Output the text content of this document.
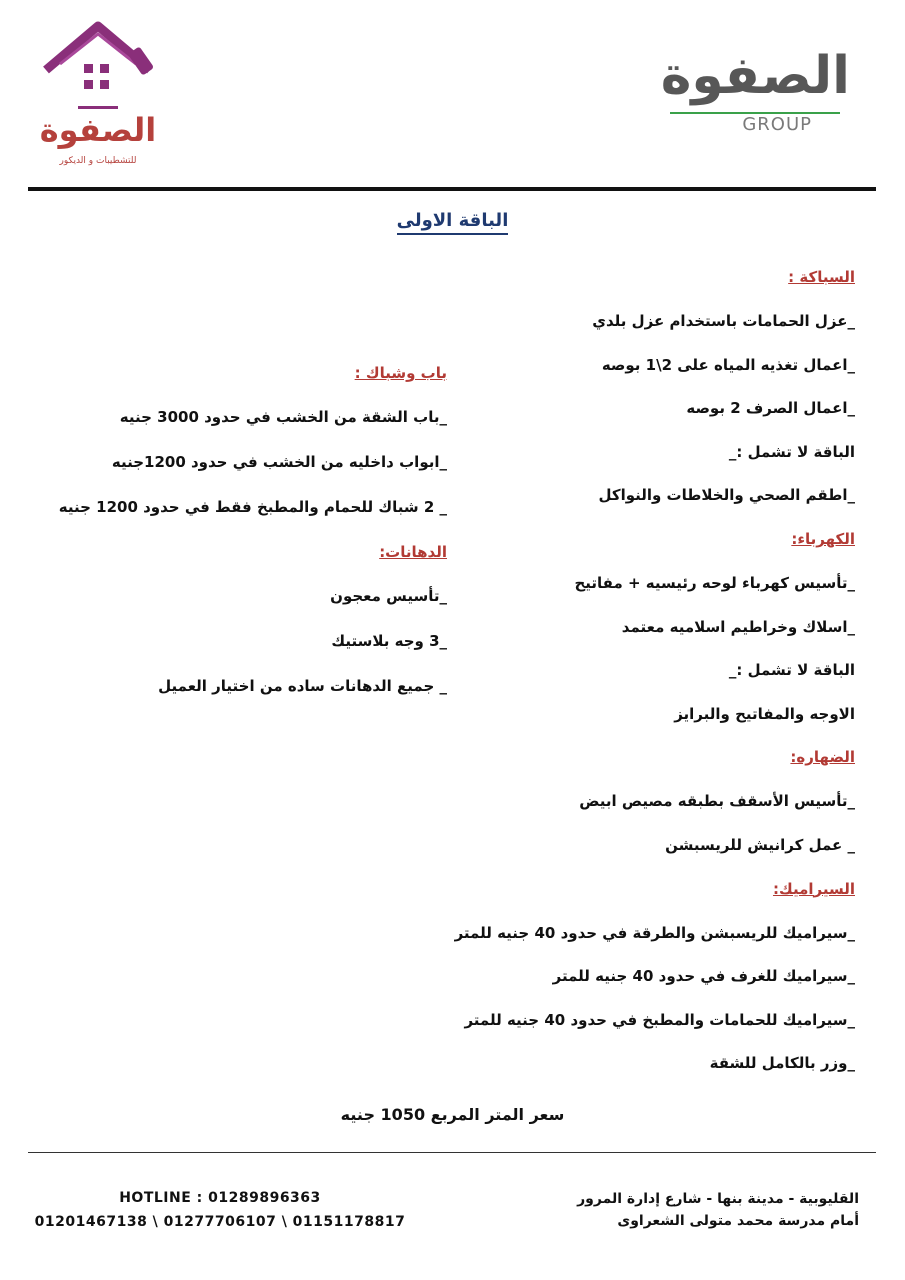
الصفوة
للتشطيبات و الديكور
الصفوة
GROUP
الباقة الاولى
السباكة :
_عزل الحمامات باستخدام عزل بلدي
_اعمال تغذيه المياه على 2\1 بوصه
_اعمال الصرف 2 بوصه
الباقة لا تشمل :_
_اطقم الصحي والخلاطات والنواكل
الكهرباء:
_تأسيس كهرباء لوحه رئيسيه + مفاتيح
_اسلاك وخراطيم اسلاميه معتمد
الباقة لا تشمل :_
الاوجه والمفاتيح والبرايز
الضهاره:
_تأسيس الأسقف بطبقه مصيص ابيض
_ عمل كرانيش للريسبشن
السيراميك:
_سيراميك للريسبشن والطرقة في حدود 40 جنيه للمتر
_سيراميك للغرف في حدود 40 جنيه للمتر
_سيراميك للحمامات والمطبخ في حدود 40 جنيه للمتر
_وزر بالكامل للشقة
باب وشباك :
_باب الشقة من الخشب في حدود 3000 جنيه
_ابواب داخليه من الخشب في حدود 1200جنيه
_ 2 شباك للحمام والمطبخ فقط في حدود 1200 جنيه
الدهانات:
_تأسيس معجون
_3 وجه بلاستيك
_ جميع الدهانات ساده من اختيار العميل
سعر المتر المربع 1050 جنيه
القليوبية - مدينة بنها - شارع إدارة المرور
أمام مدرسة محمد متولى الشعراوى
HOTLINE : 01289896363
01201467138 \ 01277706107 \ 01151178817
